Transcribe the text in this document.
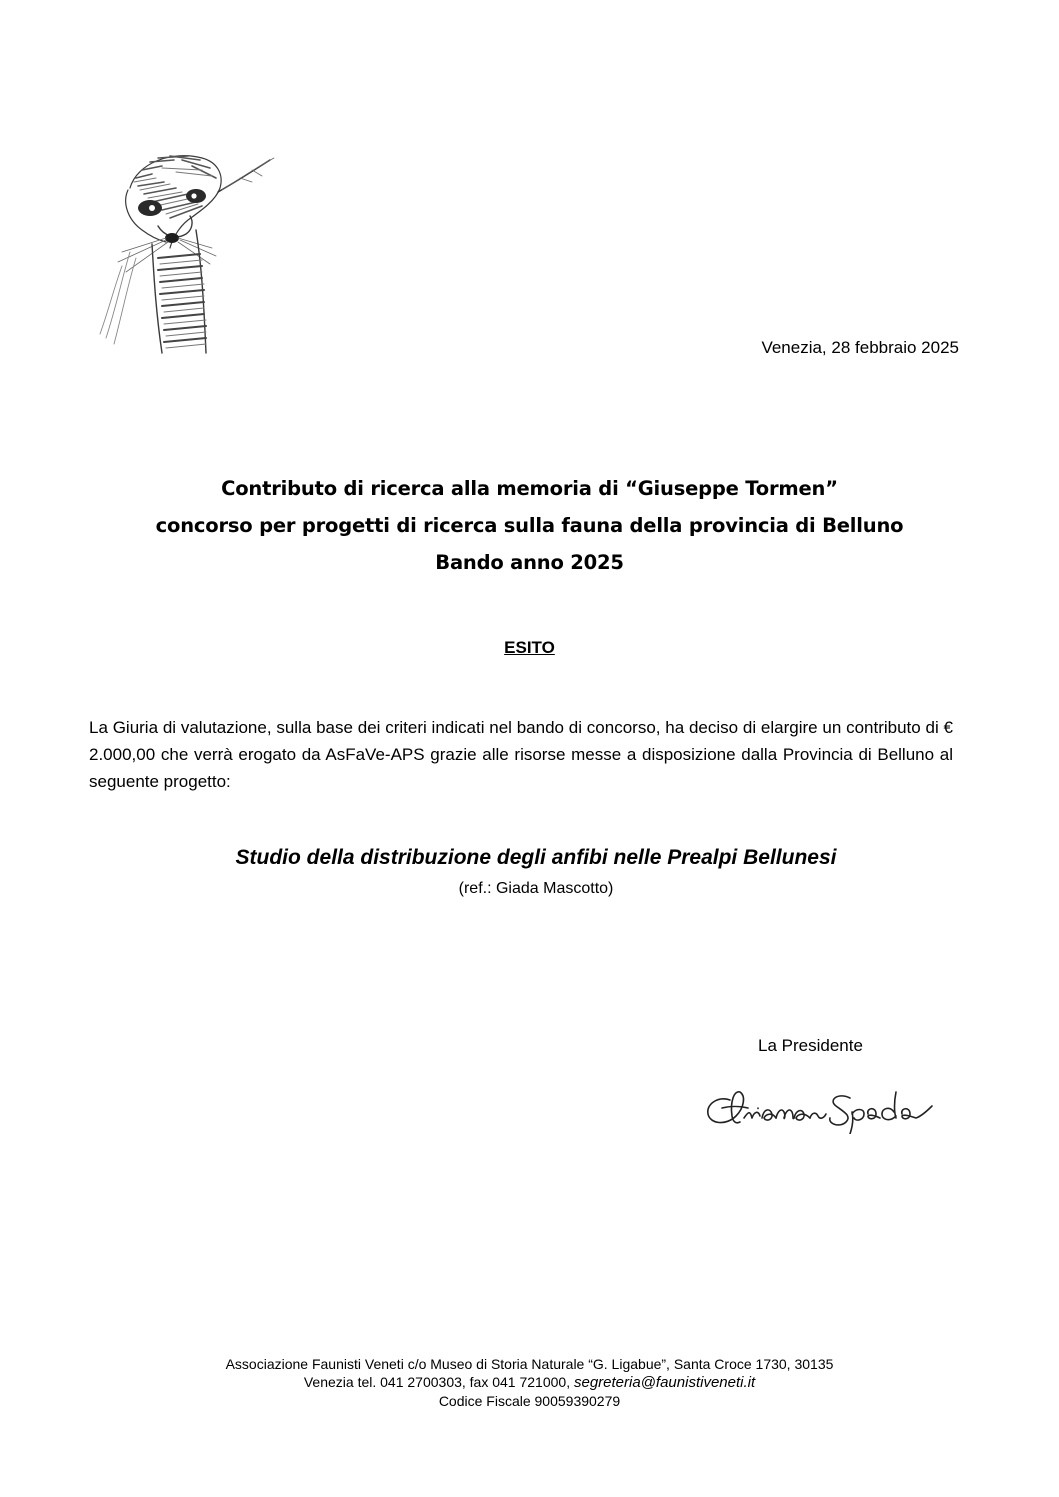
Venezia, 28 febbraio 2025
Contributo di ricerca alla memoria di “Giuseppe Tormen”
concorso per progetti di ricerca sulla fauna della provincia di Belluno
Bando anno 2025
ESITO
La Giuria di valutazione, sulla base dei criteri indicati nel bando di concorso, ha deciso di elargire un contributo di € 2.000,00 che verrà erogato da AsFaVe-APS grazie alle risorse messe a disposizione dalla Provincia di Belluno al seguente progetto:
Studio della distribuzione degli anfibi nelle Prealpi Bellunesi
(ref.: Giada Mascotto)
La Presidente
Associazione Faunisti Veneti c/o Museo di Storia Naturale “G. Ligabue”, Santa Croce 1730, 30135
Venezia tel. 041 2700303, fax 041 721000, segreteria@faunistiveneti.it
Codice Fiscale 90059390279
